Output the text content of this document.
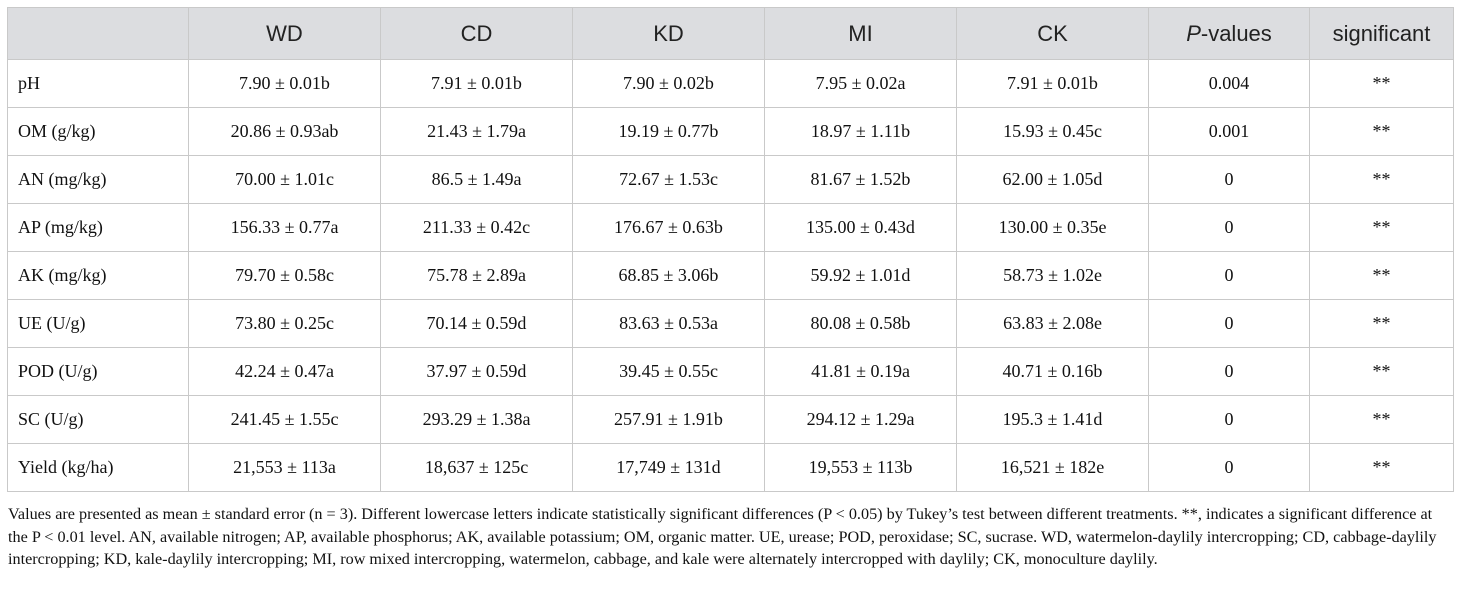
	WD	CD	KD	MI	CK	P-values	significant
pH	7.90 ± 0.01b	7.91 ± 0.01b	7.90 ± 0.02b	7.95 ± 0.02a	7.91 ± 0.01b	0.004	**
OM (g/kg)	20.86 ± 0.93ab	21.43 ± 1.79a	19.19 ± 0.77b	18.97 ± 1.11b	15.93 ± 0.45c	0.001	**
AN (mg/kg)	70.00 ± 1.01c	86.5 ± 1.49a	72.67 ± 1.53c	81.67 ± 1.52b	62.00 ± 1.05d	0	**
AP (mg/kg)	156.33 ± 0.77a	211.33 ± 0.42c	176.67 ± 0.63b	135.00 ± 0.43d	130.00 ± 0.35e	0	**
AK (mg/kg)	79.70 ± 0.58c	75.78 ± 2.89a	68.85 ± 3.06b	59.92 ± 1.01d	58.73 ± 1.02e	0	**
UE (U/g)	73.80 ± 0.25c	70.14 ± 0.59d	83.63 ± 0.53a	80.08 ± 0.58b	63.83 ± 2.08e	0	**
POD (U/g)	42.24 ± 0.47a	37.97 ± 0.59d	39.45 ± 0.55c	41.81 ± 0.19a	40.71 ± 0.16b	0	**
SC (U/g)	241.45 ± 1.55c	293.29 ± 1.38a	257.91 ± 1.91b	294.12 ± 1.29a	195.3 ± 1.41d	0	**
Yield (kg/ha)	21,553 ± 113a	18,637 ± 125c	17,749 ± 131d	19,553 ± 113b	16,521 ± 182e	0	**
Values are presented as mean ± standard error (n = 3). Different lowercase letters indicate statistically significant differences (P < 0.05) by Tukey’s test between different treatments. **, indicates a significant difference at the P < 0.01 level. AN, available nitrogen; AP, available phosphorus; AK, available potassium; OM, organic matter. UE, urease; POD, peroxidase; SC, sucrase. WD, watermelon-daylily intercropping; CD, cabbage-daylily intercropping; KD, kale-daylily intercropping; MI, row mixed intercropping, watermelon, cabbage, and kale were alternately intercropped with daylily; CK, monoculture daylily.
